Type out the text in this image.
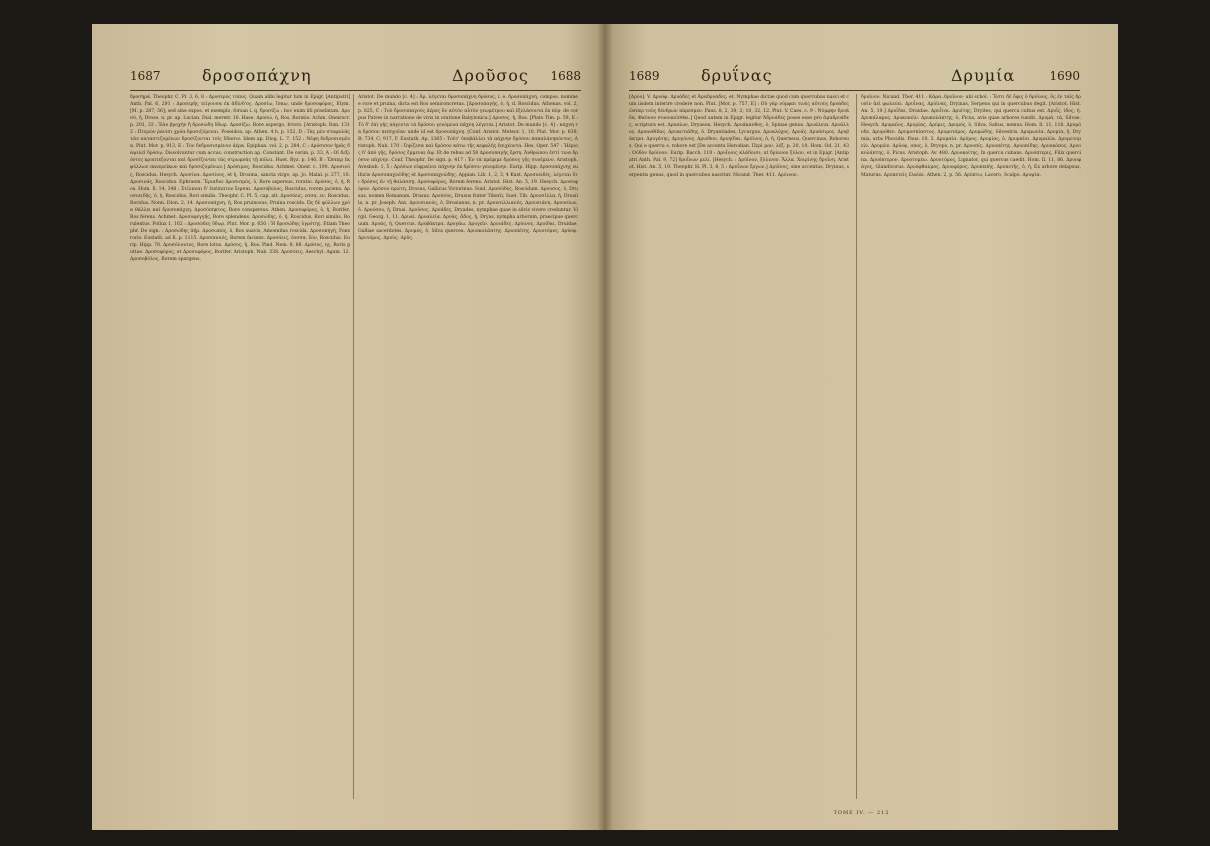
1687	δροσοπάχνη	Δροῦσος 1688

δροσηρά. Theophr. C. Pl. 3, 6, 8 : Δροσερὸς τόπος. Quam alibi legitur tum in Epigr. [Antipatri] Anth. Pal. 6, 291 : Δροσερῆς τείγουσα ἐκ ἀδίνδ'ος. Δροσίω, ἴσκω, unde δροσοφόρος, Etym. [M. p. 287, 56]; sed sine expos. et exemplo, forsan i. q. δροσίζω : hoc enim illi praefatum. Δροσό, ἡ, Drose, n. pr. ap. Lucian. Dial. meretr. 10. Hase. Δροσώ, ἡ, Ros, Roratio. Achm. Oneirocr. p. 201, 33 : Ἐὰν βροχὴν ἢ δροσώδη ὕδωρ. Δροσίζω, Rore aspergo, Irroro. [Aristoph. Ran. 1312 : Πτερῶν ῥανίσι χρόα δροσιζόμεναι. Poseidon. ap. Athen. 4 b, p. 152, D : Τὰς μὲν σταφυλὰς τῶν καταστιζομένων δροσίζονται τοῖς ὕδασιν. Idem ap. Diog. L. 7, 152 : Νέφη δεδροσισμένα. Plut. Mor. p. 913, E : Τὸν δεδροσισμένον ἀέρα. Epiphan. vol. 2, p. 284, C : Δρόσισον ἡμᾶς δαψιλεῖ δρόσῳ. Dissolvuntur cum accus. construction ap. Constant. De cerim. p. 33, A : Οἱ δεξιόντες κρυπτεζονται καὶ δροσίζονται τὰς στρωμνὰς τῇ πόλει. Huet. Byz. p. 146, B : Ὥσπερ ἐκ φύλλων πανερείκων καὶ δροσιζομένων.] Δρόσιμος, Roscidus. Achmet. Oneir. c. 190. Δροσινός, Roscidus. Hesych. Δροσίνα. Δροσίνος, et ἡ, Drosina, sancta virgo, ap. Jo. Malal. p. 277, 10. Δροσινάς, Roscidus. Ephraem. Ἔριαδνε Δροσισμός, ὁ, Rore aspersus, roratio. Δρόσος, ὁ, ἡ, Ros. Hom. Il. 14, 348 : Στίλπναι δ' ἐπέπιπτον ἔερσαι. Δροσόβολος, Roscidus, rorem jaciens. Δροσοειδής, ὁ, ἡ, Roscidus, Rori similis. Theophr. C. Pl. 5, cap. alt. Δροσόεις, εσσα, εν, Roscidus, Roridus. Nonn. Dion. 2, 14. Δροσοπάχνη, ἡ, Ros pruinosus, Pruina roscida. Ὡς δὲ φύλλων χρόα θάλλει καὶ δροσοπάχνῃ. Δροσόπηκτος, Rore conspersus. Athen. Δροσοφόρος, ὁ, ἡ, Rorifer, Ros ferens. Achmet. Δροσοφεγγής, Rore splendens. Δροσώδης, ὁ, ἡ, Roscidus, Rori similis, Rorulentus. Pollux 1, 162 : Δροσῶδες ὕδωρ. Plut. Mor. p. 650 : Ἡ δροσώδης ὑγρότης. Etiam Theophr. De sign. : Δροσώδης ἀήρ. Δροσωπὸς, ὁ, Ros suavis, Amoenitas roscida. Δροσοπηγὴ, Fons roris. Eustath. ad Il. p. 1115. Δροσοποιός, Rorem faciens. Δροσόεις, ἐοσσα, ἔον, Roscidus. Eurip. Hipp. 78. Δροσόλουτος, Rore lotus. Δρόσος, ἡ, Ros. Pind. Nem. 8, 68. Δρόσος, ης, Roris guttae. Δροσοφόρος, et Δροσοφόρος, Rorifer. Aristoph. Nub. 338. Δροσόεις, Aeschyl. Agam. 12. Δροσοβόλος, Rorem spargens.

Aristot. De mundo [c. 4] : Ἀρ. λέγεται δροσοπάχνη δρόσος, i. e. δροσοπάχνη, compos. nomine e rore et pruina, dicta est Ros semiconcretus. [Δροσοπαγής, ὁ, ἡ, d. Roscidus. Athenas. vol. 2, p. 825, C : Τοῦ δροσοπαγοῦς ἀέρος ὅν αὐτὸν αὐτὸν γεωμέτρου καὶ ἐξελάσοντα ἐκ πῦρ· de corpus Patres in narratione de viris in oratione Babylonica.] Δροσος, ἡ, Ros. [Plato Tim. p. 59, E : Τὸ δ' ἐπὶ γῆς πάγεντα τὰ δρόσου γενόμενα πάχνη λέγεται.] Aristot. De mundo [c. 4] : κάχνη τὰ δρόσον πεπηγυῖαν unde id est δροσοπάχνη. [Conf. Aristot. Meteor. 1, 10, Plut. Mor. p. 639, B; 734, C; 917, F. Eustath. Ap. 1365 : Τοῦτ' ὑποβάλλει τὰ πάχνην δρόσου παπαλάνηπόντος. Aristoph. Nub. 170 : Ὀψίζεσα καὶ δρόσον κάτω τῆς κεφαλῆς ἐπιχέοντα. Hes. Oper. 547 : Ἠέριος δ' ἀπὸ γῆς, δρόσος ἔμμεναι ἄψ. Et de rebus ad 58 Δροσοπαγὴς ἔρση. Ἀνθρώπου ἐστί τινα δρόσον πάχνην. Conf. Theophr. De sign. p. 417 : Ἐν τὰ πρέφιμε δρόσος γῆς συνέμενο. Aristoph. Avesbuh. 1, 5 : Δρόσων εὐφραίνει πάχνην ἐκ δρόσου γενομένην. Eurip. Hipp. Δροσοπάχνης sulfuris Δροσοπαχνῶδης et Δροσοπαχνώδης. Appian. Lib. 1, 2, 3, 4 Kust. Δροσοειδές, λέγεται ὅτι δρόσος ἐν τῇ θαλάσσῃ. Δροσοφόρος, Rorem ferens. Aristot. Hist. An. 5, 19. Hesych. Δροσοφόρον. Δρόσου πρώτη, Drosus, Gallicus Victorinus. Suid. Δροσῶδες, Roscidum. Δρουσος, ὁ, Drusus, nomen Romanum, Drusus. Δρούσος, Drusus frater Tiberii, Suet. Tib. Δρουσίλλα, ἡ, Drusilla, n. pr. Joseph. Ant. Δρουσιανός, ὁ, Drusianus, n. pr. Δρουσιλλιανός. Δρουσιάνη. Δρουσίων, ὁ. Δρούσου, ἡ, Drusi. Δροῦσος. Δρυάδες, Dryades, nymphae quae in silvis vivere creduntur. Virgil. Georg. 1, 11. Δρυαί. Δρυαλεία. Δρυὰς, ἄδος, ἡ, Dryas, nympha arborum, praecipue quercuum. Δρυάς, ἡ, Quercus. Δρυβάκτρα. Δρυγάω. Δρυγεῖν. Δρυιάδες. Δρύινος. Δρυίδαι, Druidae, Galliae sacerdotes. Δρυμός, ὁ, Silva quercea. Δρυοκολάπτης. Δρυοπέτης. Δρυοτόμος. Δρύοψ. Δρυτόμος. Δρυῦς. Δρῦς.

1689	δρυΐνας	Δρυμία	1690

[Δρύο]. V. Δρυόφ. Δρυάδες et Ἁμαδρυάδες, et, Nymphae dictae quod cum quercubus nasci et cum iisdem interire credere non. Plut. [Mor. p. 757, E] : Οὐ γὰρ νύμφαι τινὲς αὐτοὺς δρυάδες ὥσπερ τοὺς δένδρων πάρεσμεν. Paus. 8, 2, 39, 2; 10, 32, 12. Plut. V. Caes. c. 9 : Νύμφην δρυάδα, Φαῦνον συνοικεῖσθαι.] Quod autem in Epigr. legitur Ἀδρυάδες posse esse pro ἁμαδρυάδες, scriptura est. Δρυαίων, Dryaeon. Hesych. Δρυάκανθος, ὁ, Spinae genus. Δρυάλεια. Δρυάλλος. Δρυανθίδας. Δρυαντιάδης, ὁ, Dryantiades, Lycurgus. Δρυαλόχος. Δρυάς. Δρυάσιμος. Δρυβάκτρα. Δρυγάτης. Δρυγόνος. Δρυέθου. Δρυηίδαι. Δρύϊνος, ὁ, ἡ, Querneus, Quercinus, Roboreus, Qui e quercu s. robore est [De accentu Herodian. Περὶ μον. λέξ. p. 20, 10. Hom. Od. 21, 43 : Οὐδὸν δρύϊνον. Eurip. Bacch. 110 : Δρυΐνοις κλάδοισι; ut δρύινον ξύλον, et in Epigr. [Antipatri Anth. Pal. 9, 72] δρυΐνων μελί. [Hesych. : Δρύϊνον, ξύλινον. Ἄλλα. Χοιρίνης δρυΐνη. Aristot. Hist. An. 5, 19. Theophr. H. Pl. 3, 8, 5 : Δρυΐνων ἔργων.] Δρύϊνος, sine accentus, Dryinus, serpentis genus, quod in quercubus nascitur. Nicand. Ther. 411. Δρύινον.

δρυΐνου. Nicand. Ther. 411 : Κάρα..δρυΐνου· ubi schol. : Ἔστι δὲ ὄφις ὁ δρύϊνος, ὃς ἐν ταῖς δρυσὶν ἀεὶ φωλεύει. Δρυΐνας, Δρύϊνας, Dryinas, Serpens qui in quercubus degit. [Aristot. Hist. An. 5, 19.] Δρυΐδαι, Druidae. Δρυΐται. Δρυίτης, Dryites, qui quercu cultus est. Δρυΐς, ίδος, ἡ. Δρυκάλαμος. Δρυκοπεῖν. Δρυκολάπτης, ὁ, Picus, avis quae arbores tundit. Δρυμά, τὰ, Silvae. Hesych. Δρυμαῖος. Δρυμίας. Δρύμις. Δρυμός, ὁ, Silva, Saltus, nemus. Hom. Il. 11, 118. Δρυμόνδε. Δρυμόθεν. Δρυμοσκίαστος. Δρυμοτόμος. Δρυμώδης, Silvestris. Δρυμωνία. Δρυμία, ἡ, Drymia, urbs Phocidis. Paus. 10, 3. Δρυμαία. Δρύμος. Δρυμίας, ὁ. Δρυμαῖοι. Δρυμαλία. Δρυμοτομεῖν. Δρυμῶν. Δρύοψ, οπος, ὁ, Dryops, n. pr. Δρυοπίς. Δρυοπέτης. Δρυοπίδης. Δρυοκόπος. Δρυοκολάπτης, ὁ, Picus. Aristoph. Av. 480. Δρυοκοίτης, In quercu cubans. Δρυόπτερις, Filix quercina. Δρυόπτερον. Δρυοτομέω. Δρυοτόμος, Lignator, qui quercus caedit. Hom. Il. 11, 86. Δρυοφάγος, Glandivorus. Δρυόφθαλμος. Δρυοφόρος. Δρυπεπής. Δρυπετής, ὁ, ἡ, Ex arbore delapsus, Maturus. Δρυπετεῖς ἐλαῖαι. Athen. 2, p. 56. Δρύπτω, Lacero, Scalpo. Δρυψία.

TOME IV. — 212
